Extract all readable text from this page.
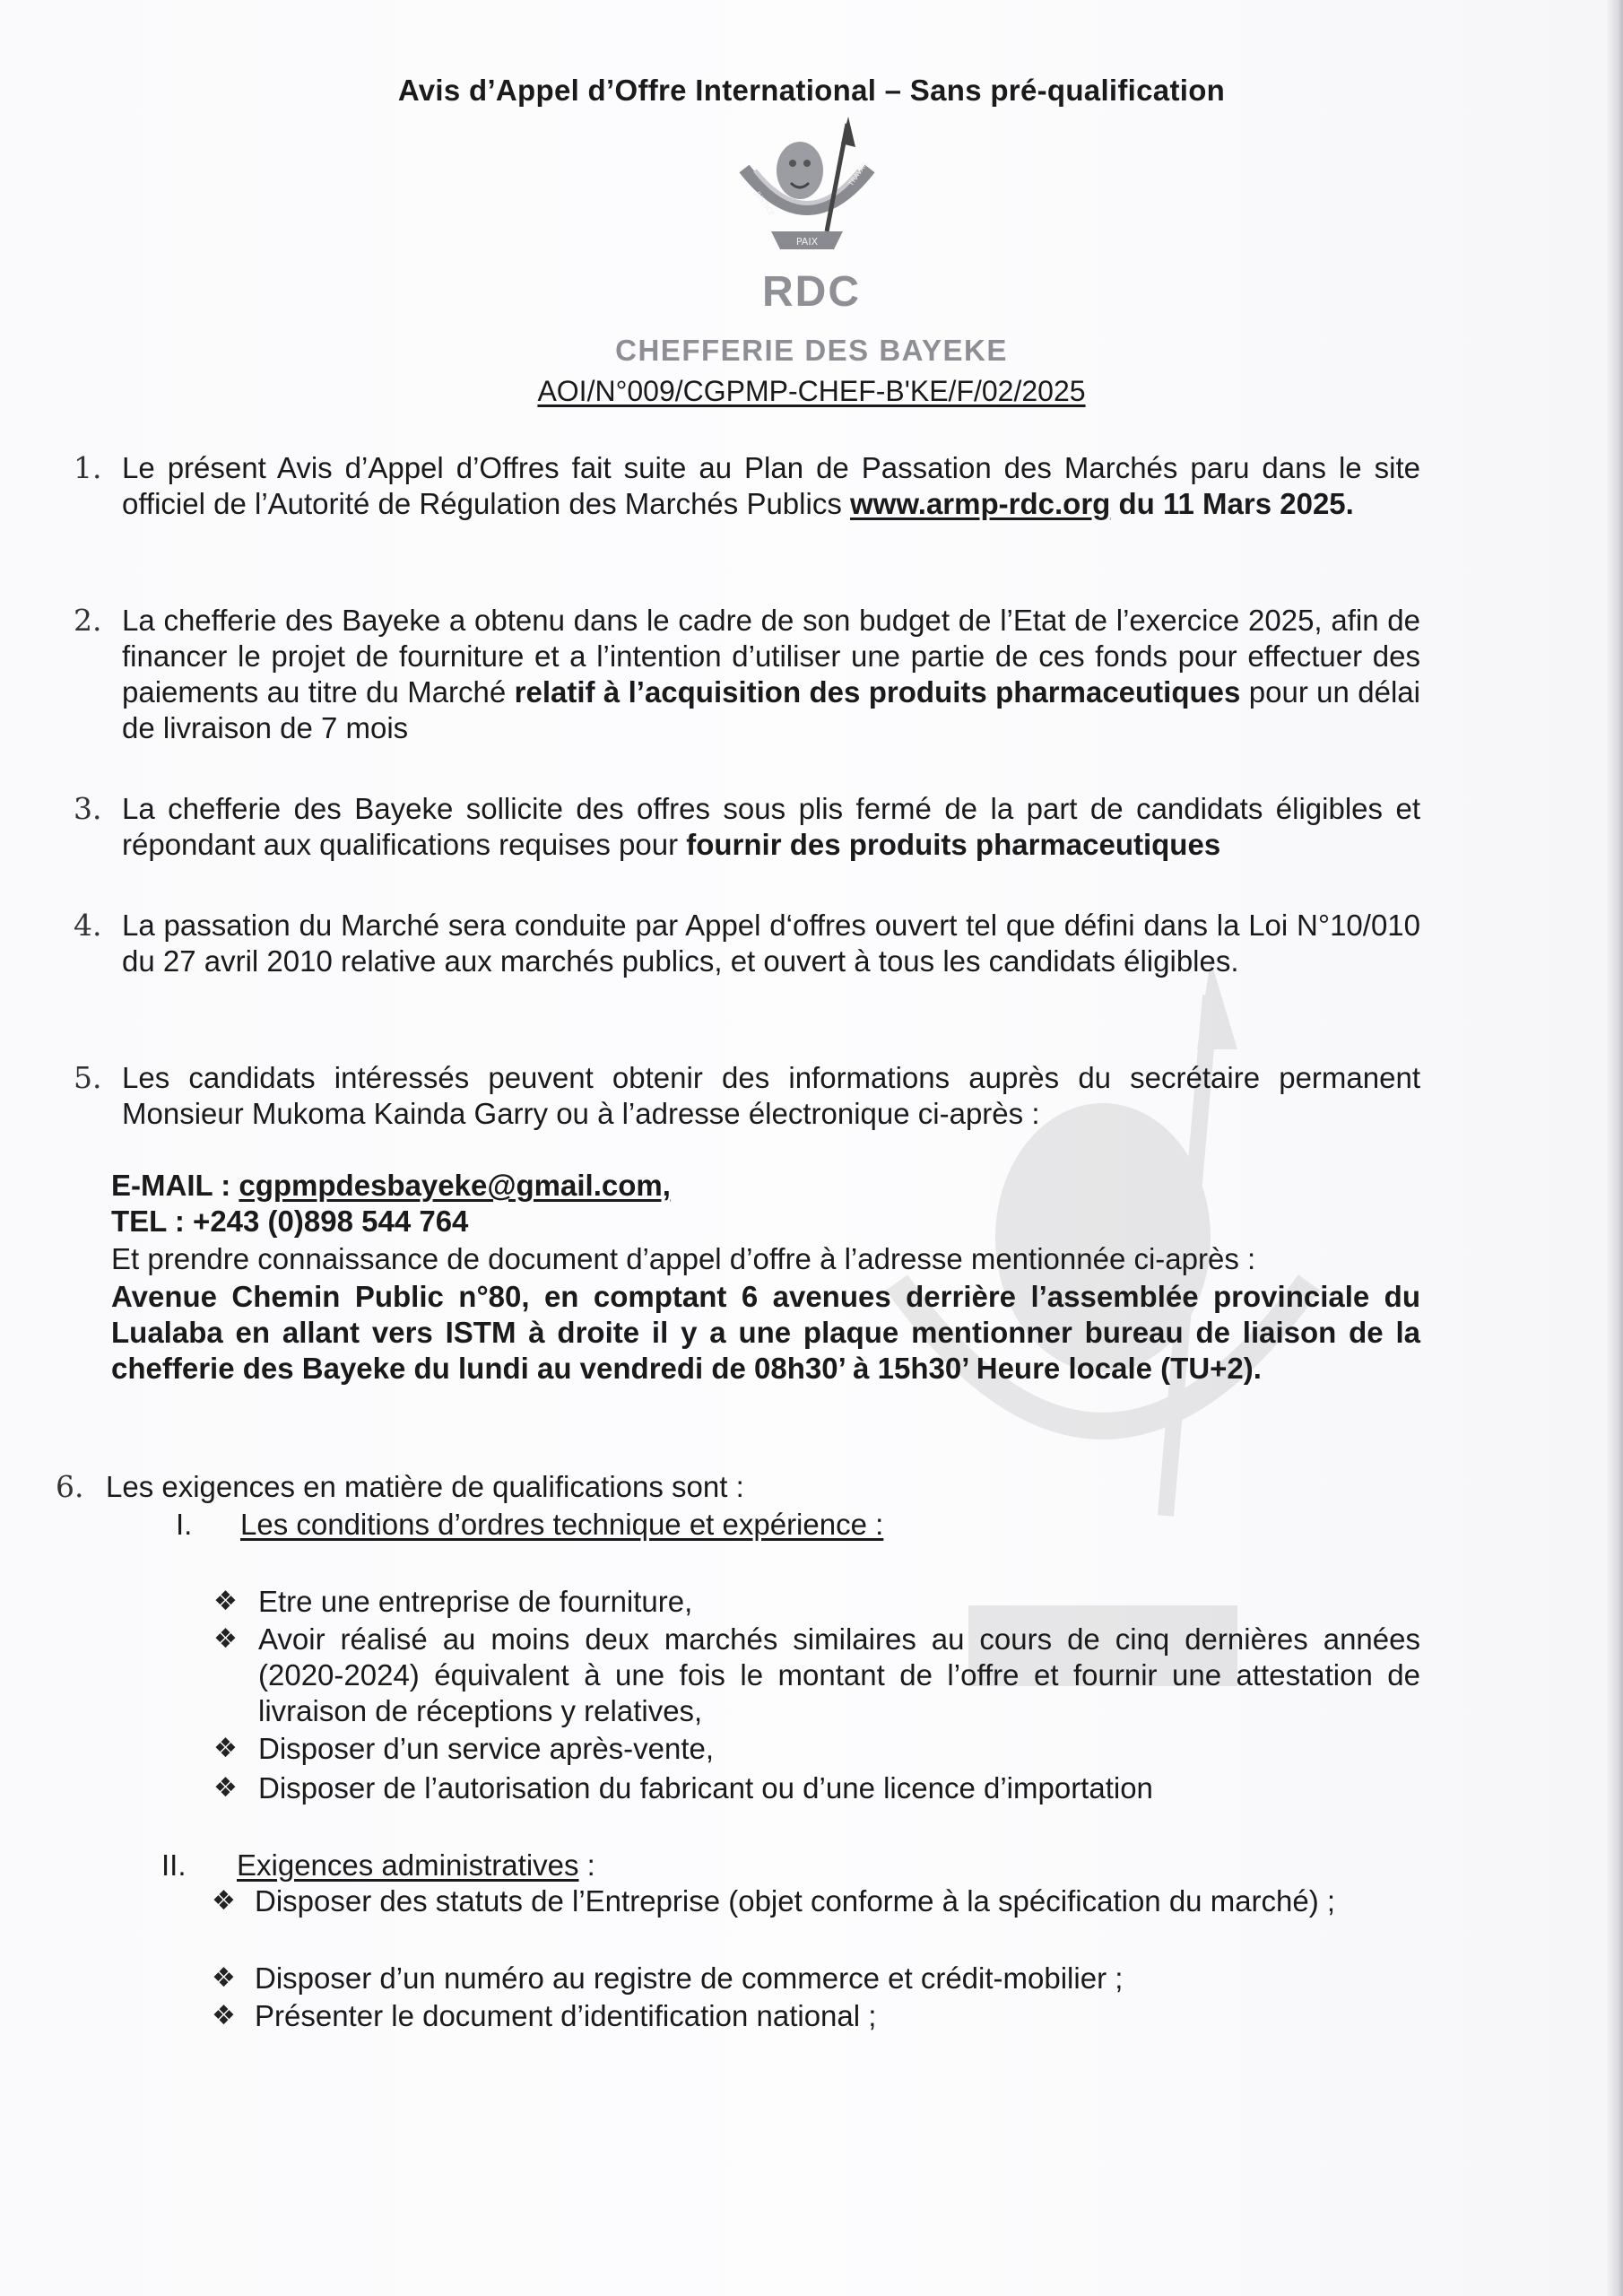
Avis d’Appel d’Offre International – Sans pré-qualification
PAIX
JUSTICE
TRAVAIL
RDC
CHEFFERIE DES BAYEKE
AOI/N°009/CGPMP-CHEF-B'KE/F/02/2025
1. Le présent Avis d’Appel d’Offres fait suite au Plan de Passation des Marchés paru dans le site officiel de l’Autorité de Régulation des Marchés Publics www.armp-rdc.org du 11 Mars 2025.
2. La chefferie des Bayeke a obtenu dans le cadre de son budget de l’Etat de l’exercice 2025, afin de financer le projet de fourniture et a l’intention d’utiliser une partie de ces fonds pour effectuer des paiements au titre du Marché relatif à l’acquisition des produits pharmaceutiques pour un délai de livraison de 7 mois
3. La chefferie des Bayeke sollicite des offres sous plis fermé de la part de candidats éligibles et répondant aux qualifications requises pour fournir des produits pharmaceutiques
4. La passation du Marché sera conduite par Appel d‘offres ouvert tel que défini dans la Loi N°10/010 du 27 avril 2010 relative aux marchés publics, et ouvert à tous les candidats éligibles.
5. Les candidats intéressés peuvent obtenir des informations auprès du secrétaire permanent Monsieur Mukoma Kainda Garry ou à l’adresse électronique ci-après :
E-MAIL : cgpmpdesbayeke@gmail.com,
TEL : +243 (0)898 544 764
Et prendre connaissance de document d’appel d’offre à l’adresse mentionnée ci-après :
Avenue Chemin Public n°80, en comptant 6 avenues derrière l’assemblée provinciale du Lualaba en allant vers ISTM à droite il y a une plaque mentionner bureau de liaison de la chefferie des Bayeke du lundi au vendredi de 08h30’ à 15h30’ Heure locale (TU+2).
6. Les exigences en matière de qualifications sont :
I. Les conditions d’ordres technique et expérience :
❖ Etre une entreprise de fourniture,
❖ Avoir réalisé au moins deux marchés similaires au cours de cinq dernières années (2020-2024) équivalent à une fois le montant de l’offre et fournir une attestation de livraison de réceptions y relatives,
❖ Disposer d’un service après-vente,
❖ Disposer de l’autorisation du fabricant ou d’une licence d’importation
II. Exigences administratives :
❖ Disposer des statuts de l’Entreprise (objet conforme à la spécification du marché) ;
❖ Disposer d’un numéro au registre de commerce et crédit-mobilier ;
❖ Présenter le document d’identification national ;
